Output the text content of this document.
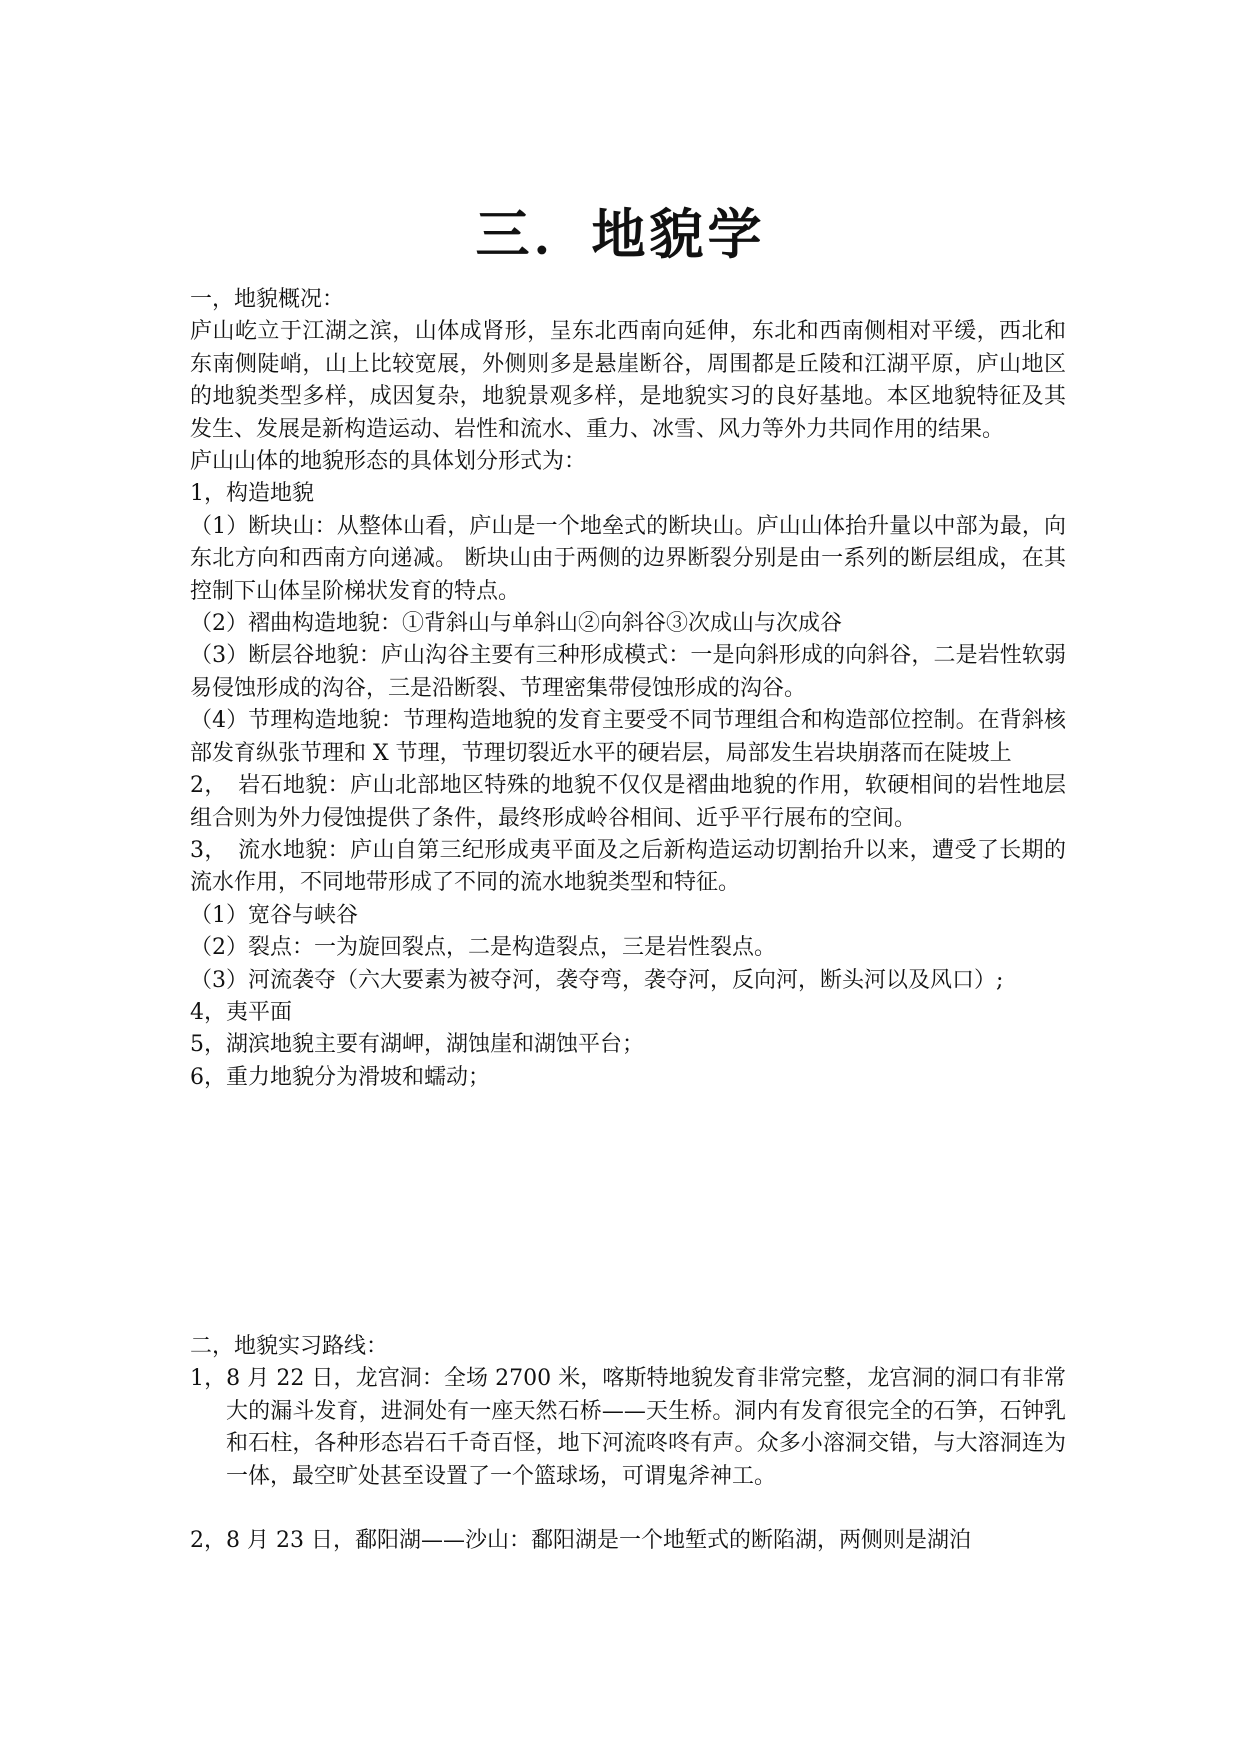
三．地貌学

一，地貌概况：

庐山屹立于江湖之滨，山体成肾形，呈东北西南向延伸，东北和西南侧相对平缓，西北和东南侧陡峭，山上比较宽展，外侧则多是悬崖断谷，周围都是丘陵和江湖平原，庐山地区的地貌类型多样，成因复杂，地貌景观多样，是地貌实习的良好基地。本区地貌特征及其发生、发展是新构造运动、岩性和流水、重力、冰雪、风力等外力共同作用的结果。

庐山山体的地貌形态的具体划分形式为：

1，构造地貌

（1）断块山：从整体山看，庐山是一个地垒式的断块山。庐山山体抬升量以中部为最，向东北方向和西南方向递减。 断块山由于两侧的边界断裂分别是由一系列的断层组成，在其控制下山体呈阶梯状发育的特点。

（2）褶曲构造地貌：①背斜山与单斜山②向斜谷③次成山与次成谷

（3）断层谷地貌：庐山沟谷主要有三种形成模式：一是向斜形成的向斜谷，二是岩性软弱易侵蚀形成的沟谷，三是沿断裂、节理密集带侵蚀形成的沟谷。

（4）节理构造地貌：节理构造地貌的发育主要受不同节理组合和构造部位控制。在背斜核部发育纵张节理和 X 节理，节理切裂近水平的硬岩层，局部发生岩块崩落而在陡坡上

2，　岩石地貌：庐山北部地区特殊的地貌不仅仅是褶曲地貌的作用，软硬相间的岩性地层组合则为外力侵蚀提供了条件，最终形成岭谷相间、近乎平行展布的空间。

3，　流水地貌：庐山自第三纪形成夷平面及之后新构造运动切割抬升以来，遭受了长期的流水作用，不同地带形成了不同的流水地貌类型和特征。

（1）宽谷与峡谷

（2）裂点：一为旋回裂点，二是构造裂点，三是岩性裂点。

（3）河流袭夺（六大要素为被夺河，袭夺弯，袭夺河，反向河，断头河以及风口）;

4，夷平面

5，湖滨地貌主要有湖岬，湖蚀崖和湖蚀平台；

6，重力地貌分为滑坡和蠕动；

二，地貌实习路线：

1，8 月 22 日，龙宫洞：全场 2700 米，喀斯特地貌发育非常完整，龙宫洞的洞口有非常大的漏斗发育，进洞处有一座天然石桥——天生桥。洞内有发育很完全的石笋，石钟乳和石柱，各种形态岩石千奇百怪，地下河流咚咚有声。众多小溶洞交错，与大溶洞连为一体，最空旷处甚至设置了一个篮球场，可谓鬼斧神工。

2，8 月 23 日，鄱阳湖——沙山：鄱阳湖是一个地堑式的断陷湖，两侧则是湖泊
